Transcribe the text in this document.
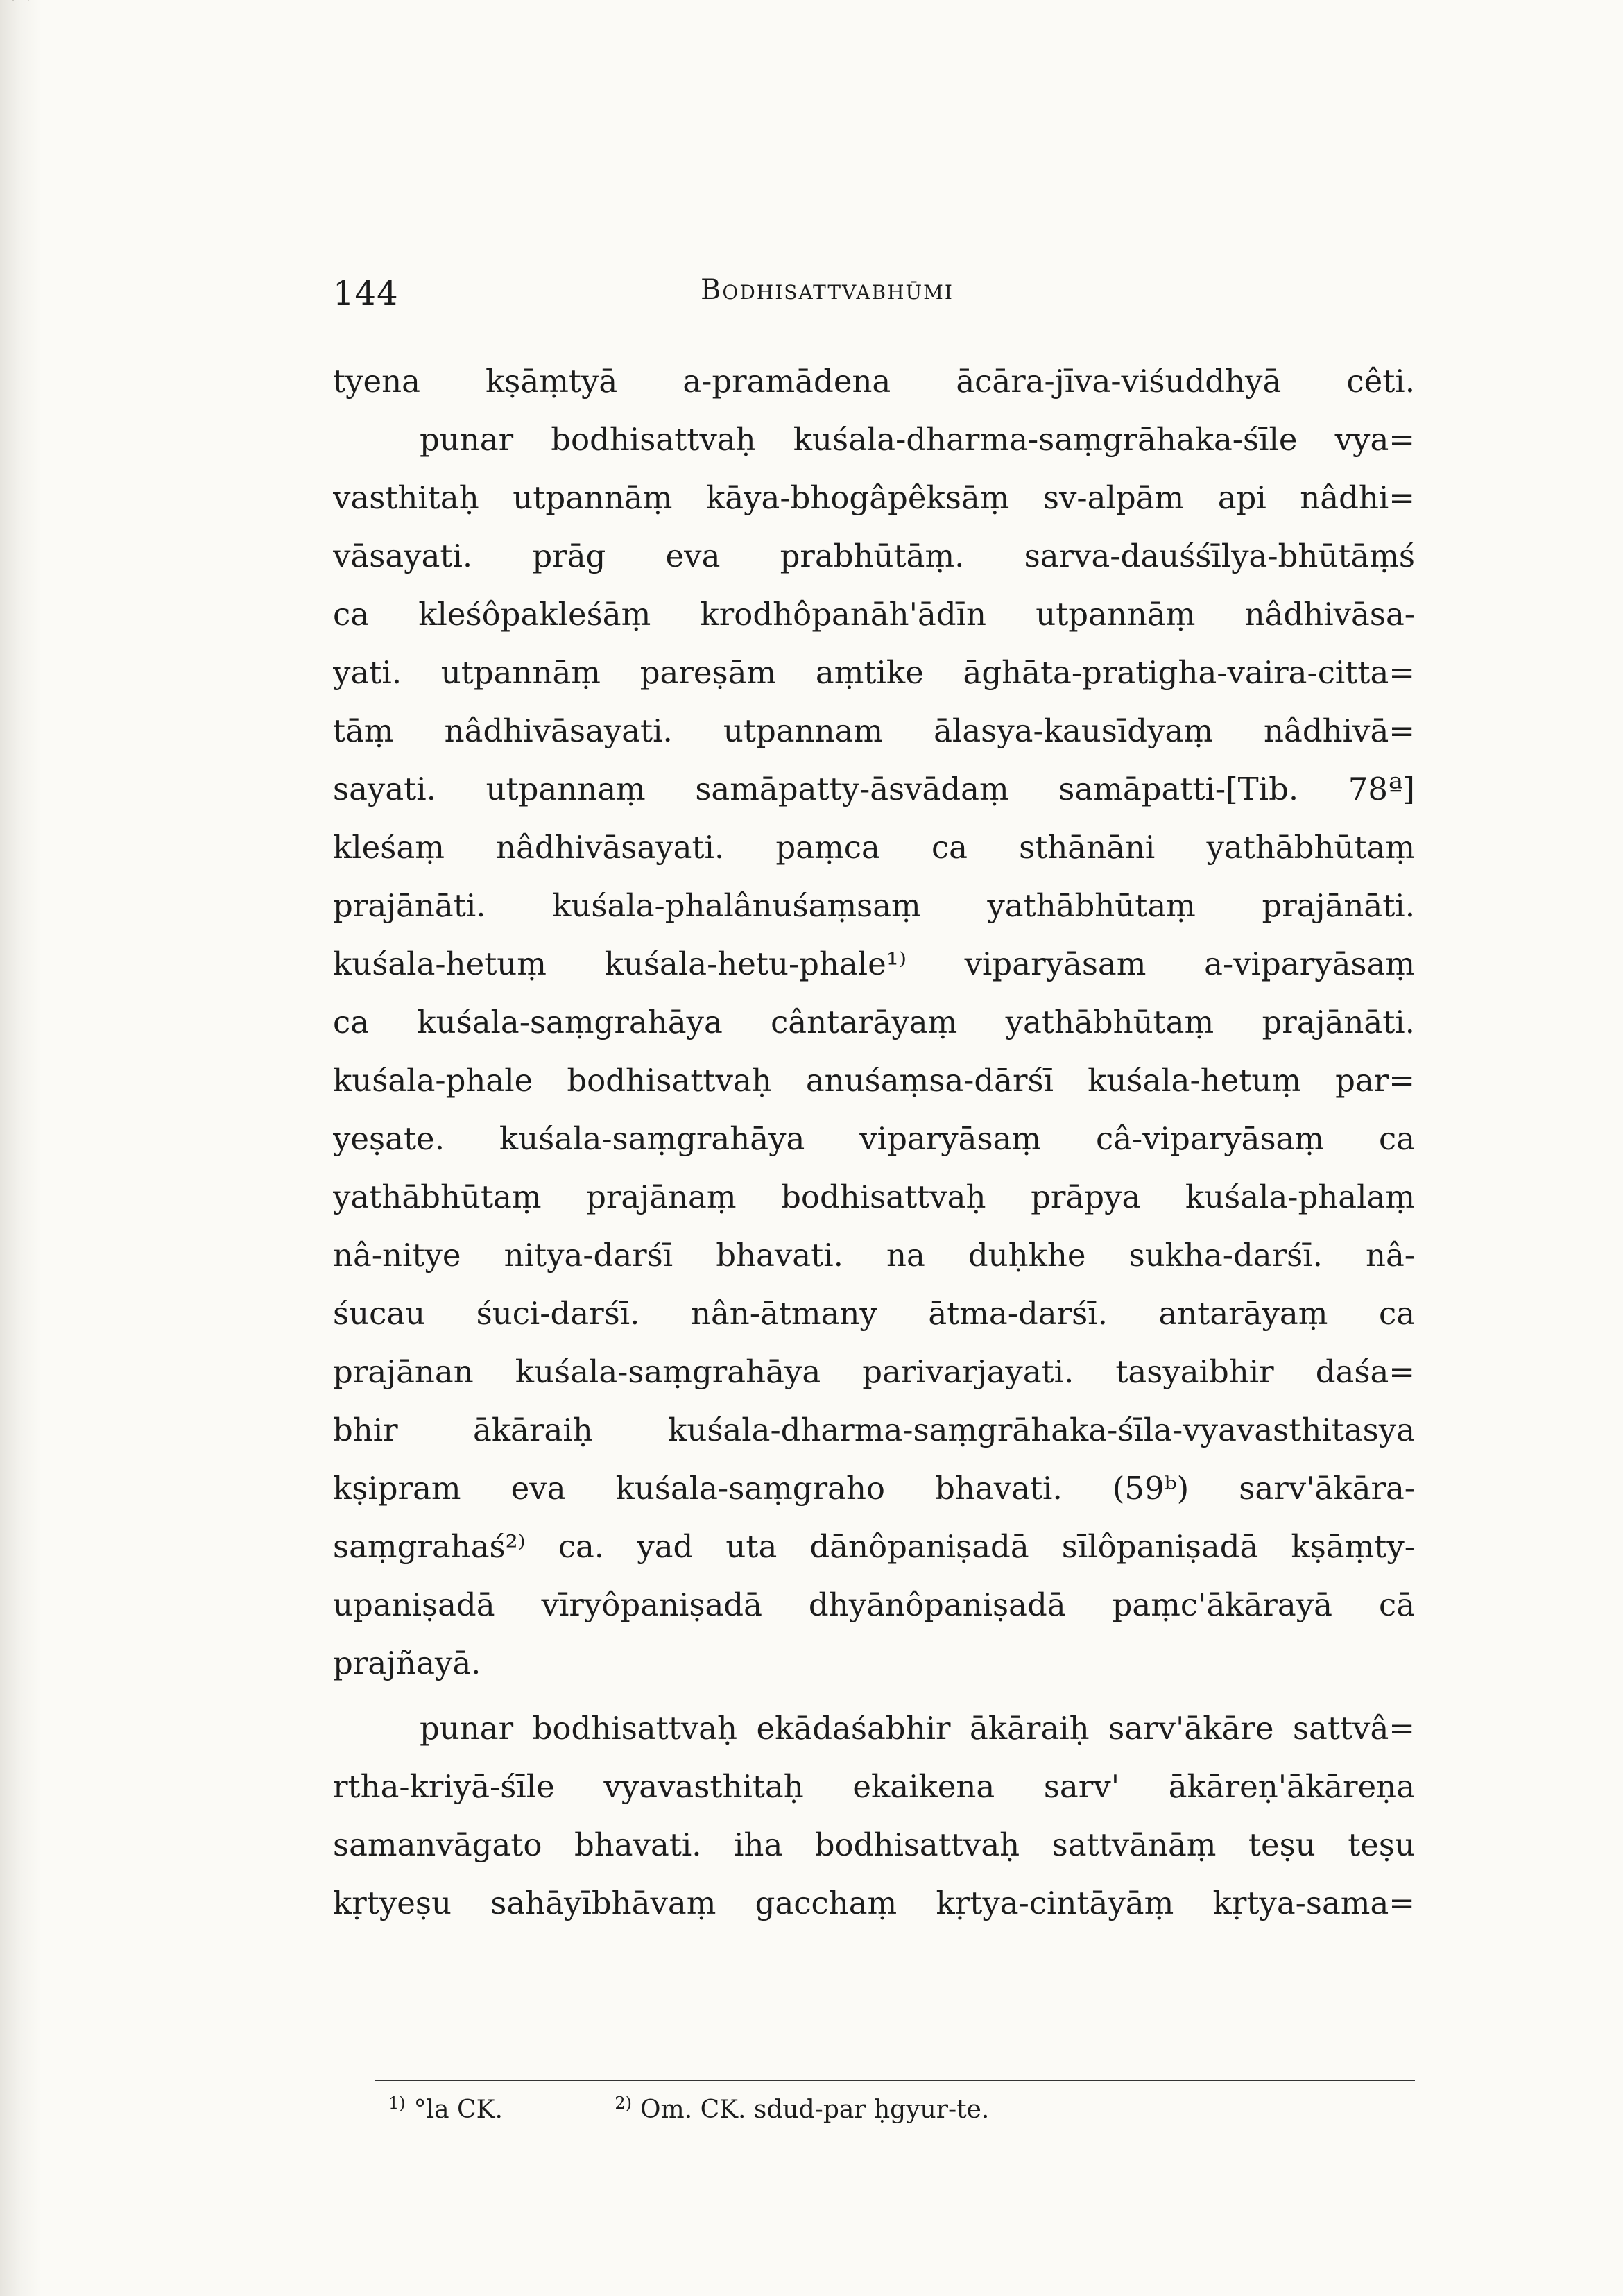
144	Bodhisattvabhūmi
tyena kṣāṃtyā a-pramādena ācāra-jīva-viśuddhyā cêti.
punar bodhisattvaḥ kuśala-dharma-saṃgrāhaka-śīle vya=
vasthitaḥ utpannāṃ kāya-bhogâpêksāṃ sv-alpām api nâdhi=
vāsayati. prāg eva prabhūtāṃ. sarva-dauśśīlya-bhūtāṃś
ca kleśôpakleśāṃ krodhôpanāh'ādīn utpannāṃ nâdhivāsa-
yati. utpannāṃ pareṣām aṃtike āghāta-pratigha-vaira-citta=
tāṃ nâdhivāsayati. utpannam ālasya-kausīdyaṃ nâdhivā=
sayati. utpannaṃ samāpatty-āsvādaṃ samāpatti-[Tib. 78ª]
kleśaṃ nâdhivāsayati. paṃca ca sthānāni yathābhūtaṃ
prajānāti. kuśala-phalânuśaṃsaṃ yathābhūtaṃ prajānāti.
kuśala-hetuṃ kuśala-hetu-phale¹⁾ viparyāsam a-viparyāsaṃ
ca kuśala-saṃgrahāya cântarāyaṃ yathābhūtaṃ prajānāti.
kuśala-phale bodhisattvaḥ anuśaṃsa-dārśī kuśala-hetuṃ par=
yeṣate. kuśala-saṃgrahāya viparyāsaṃ câ-viparyāsaṃ ca
yathābhūtaṃ prajānaṃ bodhisattvaḥ prāpya kuśala-phalaṃ
nâ-nitye nitya-darśī bhavati. na duḥkhe sukha-darśī. nâ-
śucau śuci-darśī. nân-ātmany ātma-darśī. antarāyaṃ ca
prajānan kuśala-saṃgrahāya parivarjayati. tasyaibhir daśa=
bhir ākāraiḥ kuśala-dharma-saṃgrāhaka-śīla-vyavasthitasya
kṣipram eva kuśala-saṃgraho bhavati. (59ᵇ) sarv'ākāra-
saṃgrahaś²⁾ ca. yad uta dānôpaniṣadā sīlôpaniṣadā kṣāṃty-
upaniṣadā vīryôpaniṣadā dhyānôpaniṣadā paṃc'ākārayā cā
prajñayā.
punar bodhisattvaḥ ekādaśabhir ākāraiḥ sarv'ākāre sattvâ=
rtha-kriyā-śīle vyavasthitaḥ ekaikena sarv' ākāreṇ'ākāreṇa
samanvāgato bhavati. iha bodhisattvaḥ sattvānāṃ teṣu teṣu
kṛtyeṣu sahāyībhāvaṃ gacchaṃ kṛtya-cintāyāṃ kṛtya-sama=
$^{1)}$ °la CK.	$^{2)}$ Om. CK. sdud-par ḥgyur-te.
